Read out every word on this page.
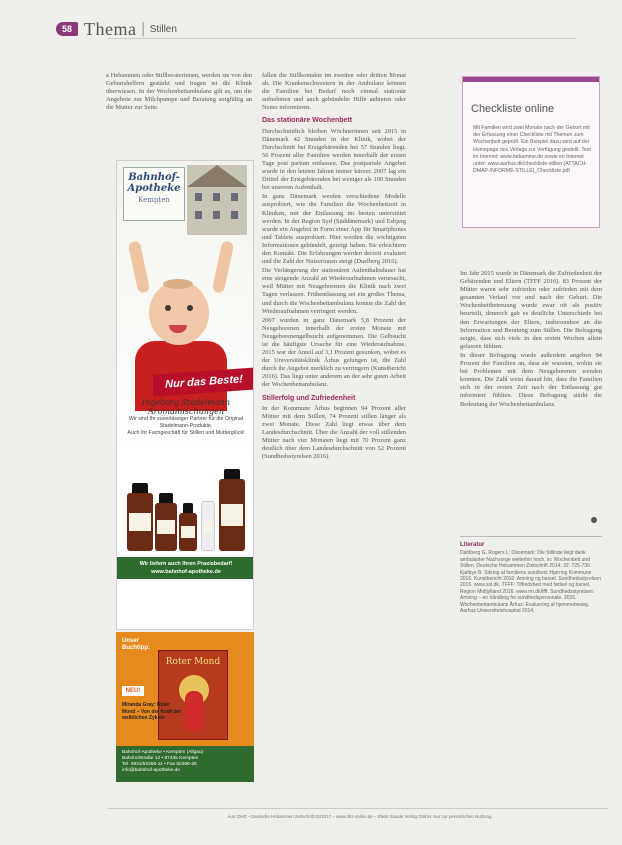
58 Thema | Stillen

a Hebammen oder Stillberaterinnen, werden sie von den Geburtshelfern gestärkt und tragen ist die Klinik überwiesen. In der Wochenbettambulanz gilt es, um die Angebote zur Milchpumpe und Beratung sorgfältig an die Mutter zur Seite.

Bahnhof-
Apotheke
Kempten
Nur das Beste!
Ingeborg Stadelmann Aromamischungen
Wir sind Ihr zuverlässiger Partner für die Original Stadelmann-Produkte.
Auch Ihr Fachgeschäft für Stillen und Mutterglück!
Wir liefern auch Ihren Praxisbedarf!
www.bahnhof-apotheke.de
Unser
Buchtipp:
Roter Mond
NEU!
Miranda Gray: Roter Mond – Von der Kraft der weiblichen Zyklen
Bahnhof-Apotheke • Kempten (Allgäu)
Bahnhofstraße 12 • 87435 Kempten
Tel. 0831/52266-11 • Fax 52266-26
info@bahnhof-apotheke.de

fallen die Stillkontakte im zweiten oder dritten Monat ab. Die Krankenschwestern in der Ambulanz können die Familien bei Bedarf noch einmal stationär aufnehmen und auch gebündelte Hilfe anbieten oder Nemo informieren.

Das stationäre Wochenbett

Durchschnittlich bleiben Wöchnerinnen seit 2015 in Dänemark 42 Stunden in der Klinik, wobei der Durchschnitt bei Erstgebärenden bei 57 Stunden liegt. 56 Prozent aller Familien werden innerhalb der ersten Tage post partum entlassen. Das postpartale Angebot wurde in den letzten Jahren immer kürzer. 2007 lag ein Drittel der Erstgebärenden bei weniger als 100 Stunden bei unserem Aufenthalt.

In ganz Dänemark werden verschiedene Modelle ausprobiert, wie die Familien die Wochenbettzeit in Kliniken, mit der Entlassung im besten unterstützt werden. In der Region Syd (Süddänemark) und Esbjerg wurde ein Angebot in Form einer App für Smartphones und Tablets ausprobiert. Hier werden die wichtigsten Informationen gebündelt, gezeigt haben. Sie erleichtern den Kontakt. Die Erfahrungen werden derzeit evaluiert und die Zahl der Nutzerinnen steigt (Duelberg 2016).

Die Verlängerung der stationären Aufenthaltsdauer hat eine steigende Anzahl an Wiederaufnahmen verursacht, weil Mütter mit Neugeborenen die Klinik nach zwei Tagen verlassen. Frühentlassung sei ein großes Thema, und durch die Wochenbettambulanz konnte die Zahl der Wiederaufnahmen verringert werden.

2007 wurden in ganz Dänemark 5,8 Prozent der Neugeborenen innerhalb der ersten Monate mit Neugeborenengelbsucht aufgenommen. Die Gelbsucht ist die häufigste Ursache für eine Wiederaufnahme. 2015 war der Anteil auf 3,1 Prozent gesunken, wobei es der Universitätsklinik Århus gelungen ist, die Zahl durch ihr Angebot merklich zu verringern (Kunstbericht 2016). Das liegt unter anderem an der sehr guten Arbeit der Wochenbettambulanz.

Stillerfolg und Zufriedenheit

In der Kommune Århus beginnen 94 Prozent aller Mütter mit dem Stillen, 74 Prozent stillen länger als zwei Monate. Diese Zahl liegt etwas über dem Landesdurchschnitt. Über die Anzahl der voll stillenden Mütter nach vier Monaten liegt mit 70 Prozent ganz deutlich über dem Landesdurchschnitt von 52 Prozent (Sundhedsstyrelsen 2016).

Checkliste online
Mit Familien wird zwei Monate nach der Geburt mit der Erfassung einer Checkliste mit Themen zum Wochenbett geprüft. Ein Beispiel dazu wird auf der Homepage des Verlags zur Verfügung gestellt. Text im Internet: www.hebamme.de sowie im Internet unter: www.aarhus.dk/checkliste-stillen (ATTACH-DMAP-INFORME-STILLE)_Checkliste.pdf

Im Jahr 2015 wurde in Dänemark die Zufriedenheit der Gebärenden und Eltern (TFFF 2016). 83 Prozent der Mütter waren sehr zufrieden oder zufrieden mit dem gesamten Verlauf vor und nach der Geburt. Die Wochenbettbetreuung wurde zwar oft als positiv beurteilt, dennoch gab es deutliche Unterschiede bei den Erwartungen der Eltern, insbesondere an die Information und Beratung zum Stillen. Die Befragung zeigte, dass sich viele in den ersten Wochen allein gelassen fühlten.

In dieser Befragung wurde außerdem angeben 94 Prozent der Familien an, dass sie wussten, wohin sie bei Problemen mit dem Neugeborenen wenden konnten. Die Zahl weist darauf hin, dass die Familien sich in der ersten Zeit nach der Entlassung gut informiert fühlten. Diese Befragung stärkt die Bedeutung der Wochenbettambulanz.

Literatur
Dahlberg G, Rogers L: Dänemark: Die Stillrate liegt dank ambulanter Nachsorge weiterhin hoch, in: Wochenbett und Stillen. Deutsche Hebammen Zeitschrift 2014; 32: 725-730. Kjølbye B: Sikring af familiens sundhed. Hjørring Kommune 2016. Kunstbericht 2016: Amning og barsel. Sundhedsstyrelsen 2016. www.sst.dk. TFFF: Tilfredshed med fødsel og barsel, Region Midtjylland 2016. www.rm.dk/tfff. Sundhedsstyrelsen: Amning – en håndbog for sundhedspersonale. 2016. Wochenbettambulanz Århus: Evaluering af hjemmebesøg. Aarhus Universitetshospital 2014.
Aus: DHZ – Deutsche Hebammen Zeitschrift 01/2017 – www.dhz-online.de – Elwin Staude Verlag GmbH. Nur zur persönlichen Nutzung.
